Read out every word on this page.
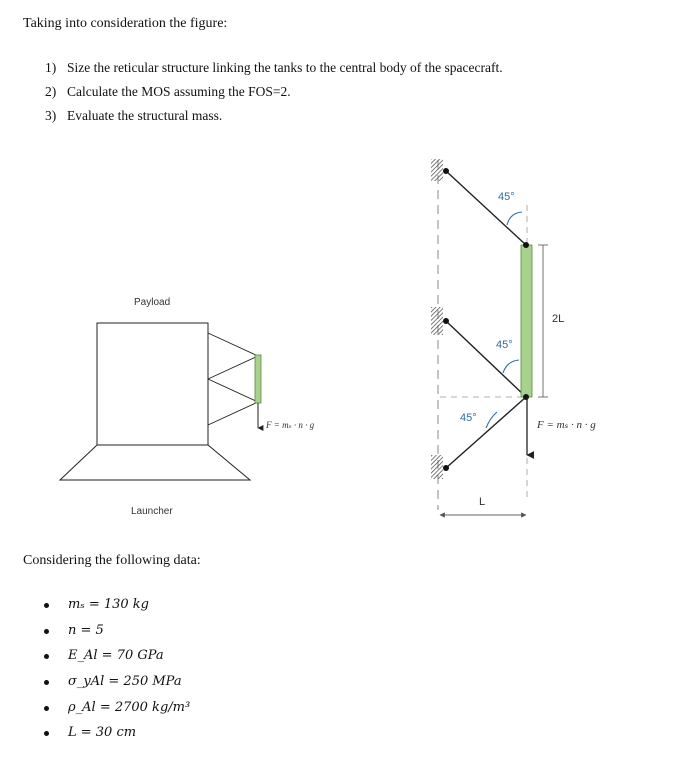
Taking into consideration the figure:
1) Size the reticular structure linking the tanks to the central body of the spacecraft.
2) Calculate the MOS assuming the FOS=2.
3) Evaluate the structural mass.
Payload
Launcher
F = mₛ · n · g
45°
45°
45°
2L
F = mₛ · n · g
L
Considering the following data:
mₛ = 130 kg
n = 5
E_Al = 70 GPa
σ_yAl = 250 MPa
ρ_Al = 2700 kg/m³
L = 30 cm
